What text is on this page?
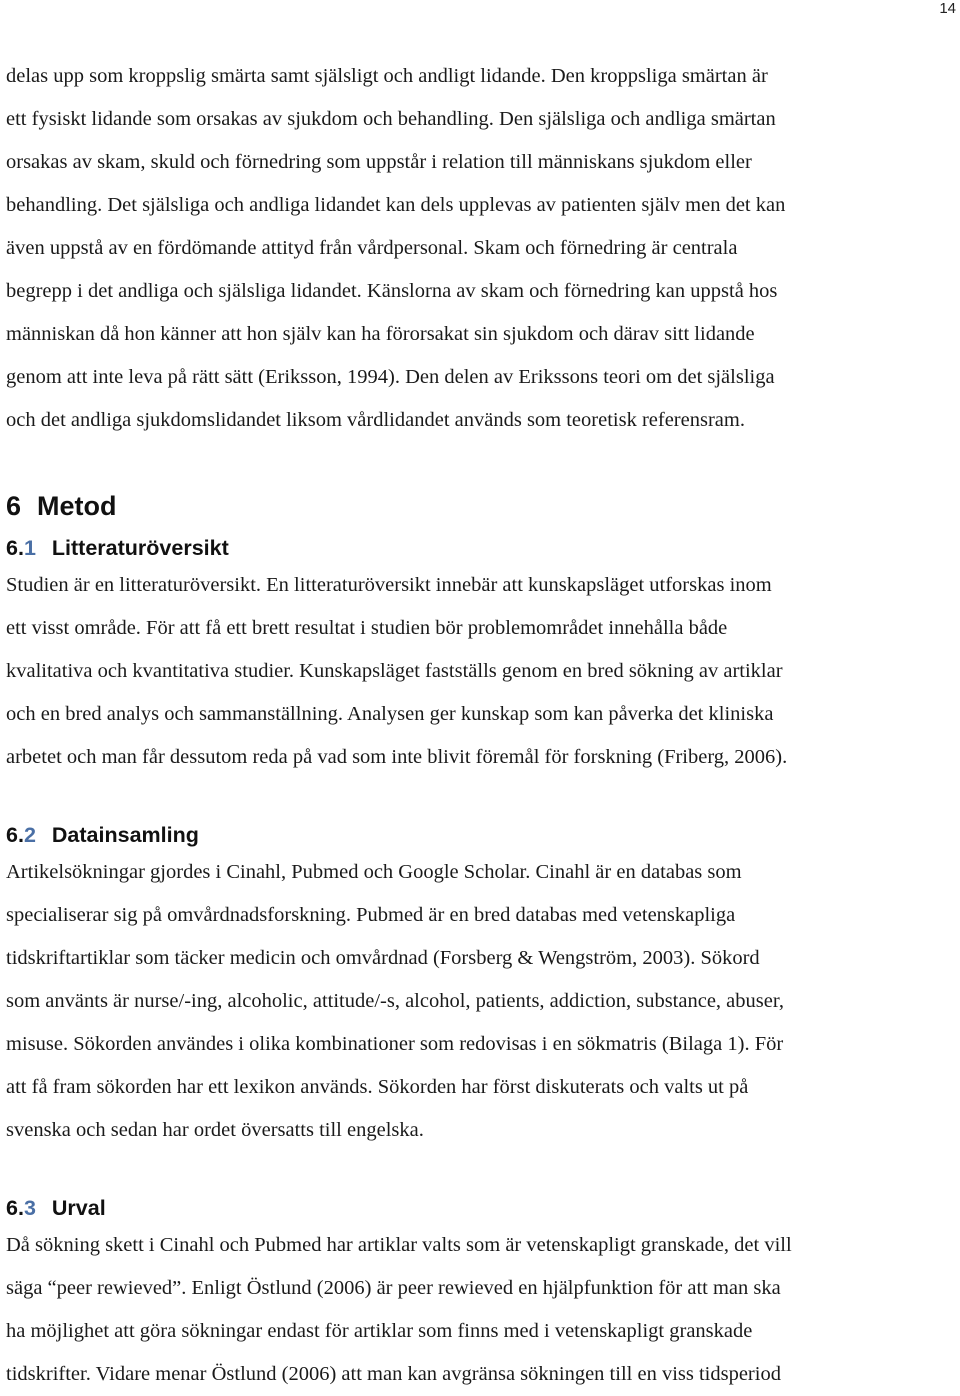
14

delas upp som kroppslig smärta samt själsligt och andligt lidande. Den kroppsliga smärtan är
ett fysiskt lidande som orsakas av sjukdom och behandling. Den själsliga och andliga smärtan
orsakas av skam, skuld och förnedring som uppstår i relation till människans sjukdom eller
behandling. Det själsliga och andliga lidandet kan dels upplevas av patienten själv men det kan
även uppstå av en fördömande attityd från vårdpersonal. Skam och förnedring är centrala
begrepp i det andliga och själsliga lidandet. Känslorna av skam och förnedring kan uppstå hos
människan då hon känner att hon själv kan ha förorsakat sin sjukdom och därav sitt lidande
genom att inte leva på rätt sätt (Eriksson, 1994). Den delen av Erikssons teori om det själsliga
och det andliga sjukdomslidandet liksom vårdlidandet används som teoretisk referensram.

6 Metod
6.1 Litteraturöversikt

Studien är en litteraturöversikt. En litteraturöversikt innebär att kunskapsläget utforskas inom
ett visst område. För att få ett brett resultat i studien bör problemområdet innehålla både
kvalitativa och kvantitativa studier. Kunskapsläget fastställs genom en bred sökning av artiklar
och en bred analys och sammanställning. Analysen ger kunskap som kan påverka det kliniska
arbetet och man får dessutom reda på vad som inte blivit föremål för forskning (Friberg, 2006).

6.2 Datainsamling

Artikelsökningar gjordes i Cinahl, Pubmed och Google Scholar. Cinahl är en databas som
specialiserar sig på omvårdnadsforskning. Pubmed är en bred databas med vetenskapliga
tidskriftartiklar som täcker medicin och omvårdnad (Forsberg & Wengström, 2003). Sökord
som använts är nurse/-ing, alcoholic, attitude/-s, alcohol, patients, addiction, substance, abuser,
misuse. Sökorden användes i olika kombinationer som redovisas i en sökmatris (Bilaga 1). För
att få fram sökorden har ett lexikon används. Sökorden har först diskuterats och valts ut på
svenska och sedan har ordet översatts till engelska.

6.3 Urval

Då sökning skett i Cinahl och Pubmed har artiklar valts som är vetenskapligt granskade, det vill
säga “peer rewieved”. Enligt Östlund (2006) är peer rewieved en hjälpfunktion för att man ska
ha möjlighet att göra sökningar endast för artiklar som finns med i vetenskapligt granskade
tidskrifter. Vidare menar Östlund (2006) att man kan avgränsa sökningen till en viss tidsperiod
